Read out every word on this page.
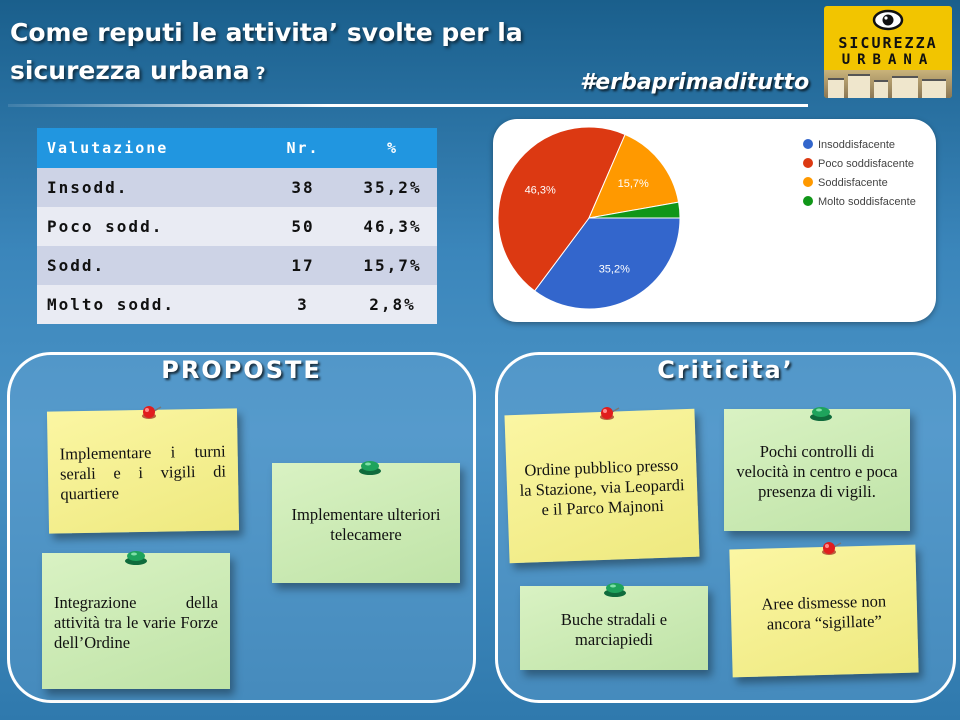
Come reputi le attivita’ svolte per la
sicurezza urbana ?	#erbaprimaditutto
SICUREZZA
URBANA
Valutazione	Nr.	%
Insodd.	38	35,2%
Poco sodd.	50	46,3%
Sodd.	17	15,7%
Molto sodd.	3	2,8%
35,2%
46,3%
15,7%
Insoddisfacente
Poco soddisfacente
Soddisfacente
Molto soddisfacente
PROPOSTE	Criticita’
Implementare i turni serali e i vigili di quartiere
Implementare ulteriori telecamere
Integrazione della attività tra le varie Forze dell’Ordine
Ordine pubblico presso la Stazione, via Leopardi e il Parco Majnoni
Pochi controlli di velocità in centro e poca presenza di vigili.
Buche stradali e marciapiedi
Aree dismesse non ancora “sigillate”
